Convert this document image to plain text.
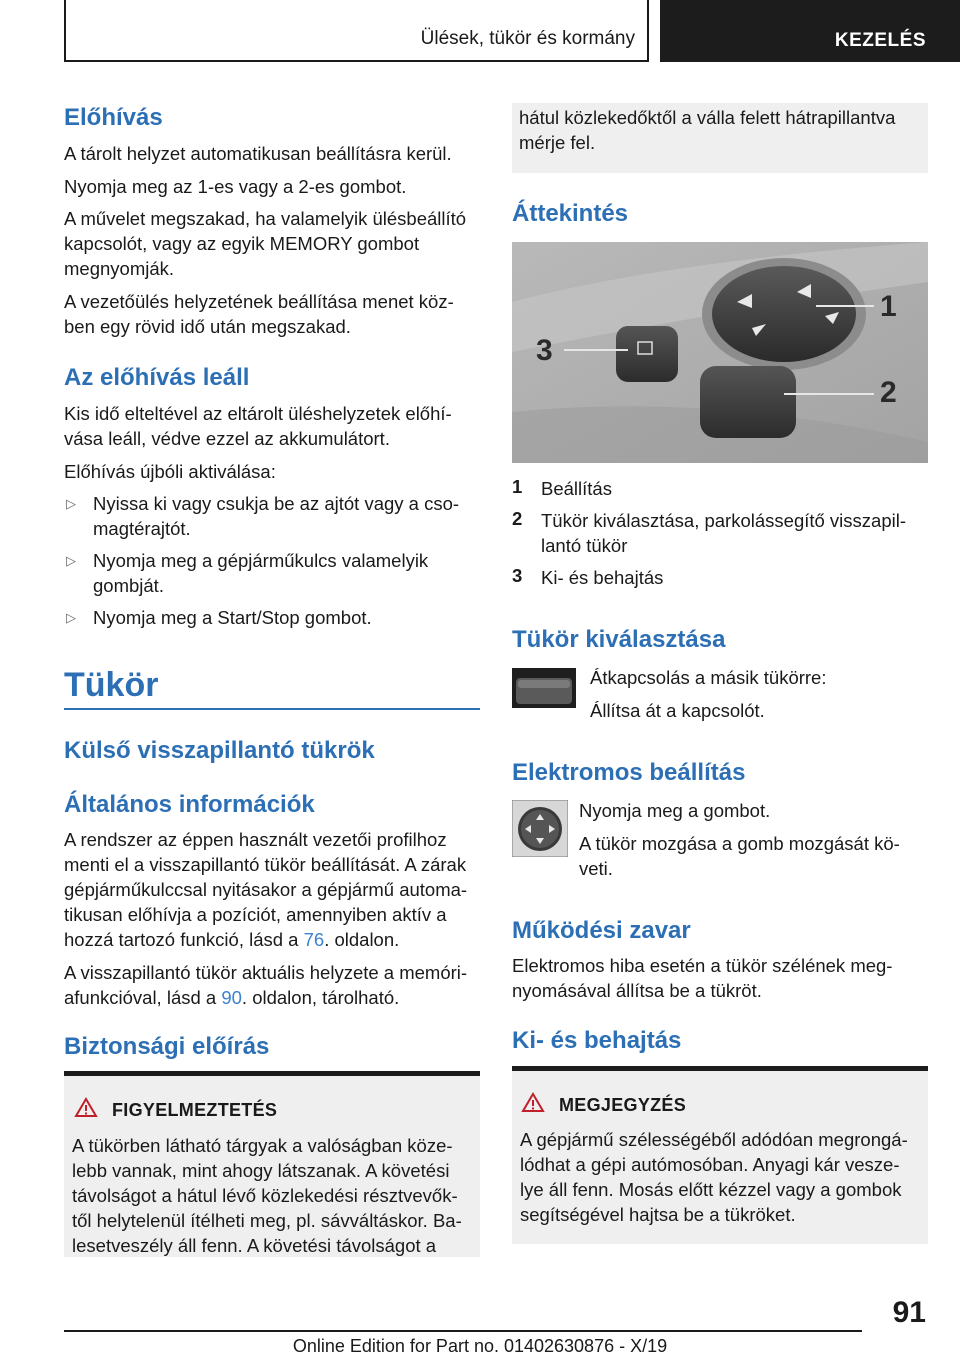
Ülések, tükör és kormány	KEZELÉS
Előhívás
A tárolt helyzet automatikusan beállításra kerül.
Nyomja meg az 1-es vagy a 2-es gombot.
A művelet megszakad, ha valamelyik ülésbeállító
kapcsolót, vagy az egyik MEMORY gombot
megnyomják.
A vezetőülés helyzetének beállítása menet köz‐
ben egy rövid idő után megszakad.
Az előhívás leáll
Kis idő elteltével az eltárolt üléshelyzetek előhí‐
vása leáll, védve ezzel az akkumulátort.
Előhívás újbóli aktiválása:
▷ Nyissa ki vagy csukja be az ajtót vagy a cso‐
magtérajtót.
▷ Nyomja meg a gépjárműkulcs valamelyik
gombját.
▷ Nyomja meg a Start/Stop gombot.
Tükör
Külső visszapillantó tükrök
Általános információk
A rendszer az éppen használt vezetői profilhoz
menti el a visszapillantó tükör beállítását. A zárak
gépjárműkulccsal nyitásakor a gépjármű automa‐
tikusan előhívja a pozíciót, amennyiben aktív a
hozzá tartozó funkció, lásd a 76. oldalon.
A visszapillantó tükör aktuális helyzete a memóri‐
afunkcióval, lásd a 90. oldalon, tárolható.
Biztonsági előírás
FIGYELMEZTETÉS
A tükörben látható tárgyak a valóságban köze‐
lebb vannak, mint ahogy látszanak. A követési
távolságot a hátul lévő közlekedési résztvevők‐
től helytelenül ítélheti meg, pl. sávváltáskor. Ba‐
lesetveszély áll fenn. A követési távolságot a
hátul közlekedőktől a válla felett hátrapillantva
mérje fel.
Áttekintés
1
2
3
1 Beállítás
2 Tükör kiválasztása, parkolássegítő visszapil‐
lantó tükör
3 Ki- és behajtás
Tükör kiválasztása
Átkapcsolás a másik tükörre:
Állítsa át a kapcsolót.
Elektromos beállítás
Nyomja meg a gombot.
A tükör mozgása a gomb mozgását kö‐
veti.
Működési zavar
Elektromos hiba esetén a tükör szélének meg‐
nyomásával állítsa be a tükröt.
Ki- és behajtás
MEGJEGYZÉS
A gépjármű szélességéből adódóan megrongá‐
lódhat a gépi autómosóban. Anyagi kár vesze‐
lye áll fenn. Mosás előtt kézzel vagy a gombok
segítségével hajtsa be a tükröket.
91
Online Edition for Part no. 01402630876 - X/19
